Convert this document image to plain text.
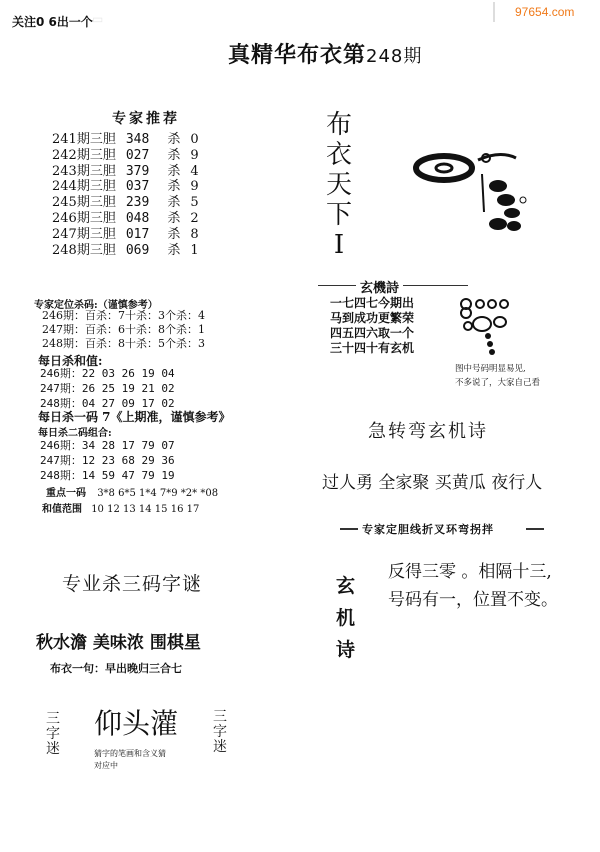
关注0 6出一个 ▭	97654.com
真精华布衣第248期
专家推荐
241期三胆 348 杀 0
242期三胆 027 杀 9
243期三胆 379 杀 4
244期三胆 037 杀 9
245期三胆 239 杀 5
246期三胆 048 杀 2
247期三胆 017 杀 8
248期三胆 069 杀 1
专家定位杀码:（谨慎参考）
246期：百杀：7十杀：3个杀：4
247期：百杀：6十杀：8个杀：1
248期：百杀：8十杀：5个杀：3
每日杀和值:
246期：22 03 26 19 04
247期：26 25 19 21 02
248期：04 27 09 17 02
每日杀一码 7《上期准，谨慎参考》
每日杀二码组合:
246期：34 28 17 79 07
247期：12 23 68 29 36
248期：14 59 47 79 19
重点一码 3*8 6*5 1*4 7*9 *2* *08
和值范围 10 12 13 14 15 16 17
专业杀三码字谜
秋水澹 美味浓 围棋星
布衣一句：早出晚归三合七
三
字
迷
仰头灌
猜字的笔画和含义猜
对应中
三
字
迷
布
衣
天
下
I
玄機詩
一七四七今期出
马到成功更繁荣
四五四六取一个
三十四十有玄机
图中号码明显易见,
不多说了，大家自己看
急转弯玄机诗
过人勇 全家聚 买黄瓜 夜行人
专家定胆线折叉环弯拐拌
玄
机
诗
反得三零 。相隔十三,
号码有一，位置不变。
